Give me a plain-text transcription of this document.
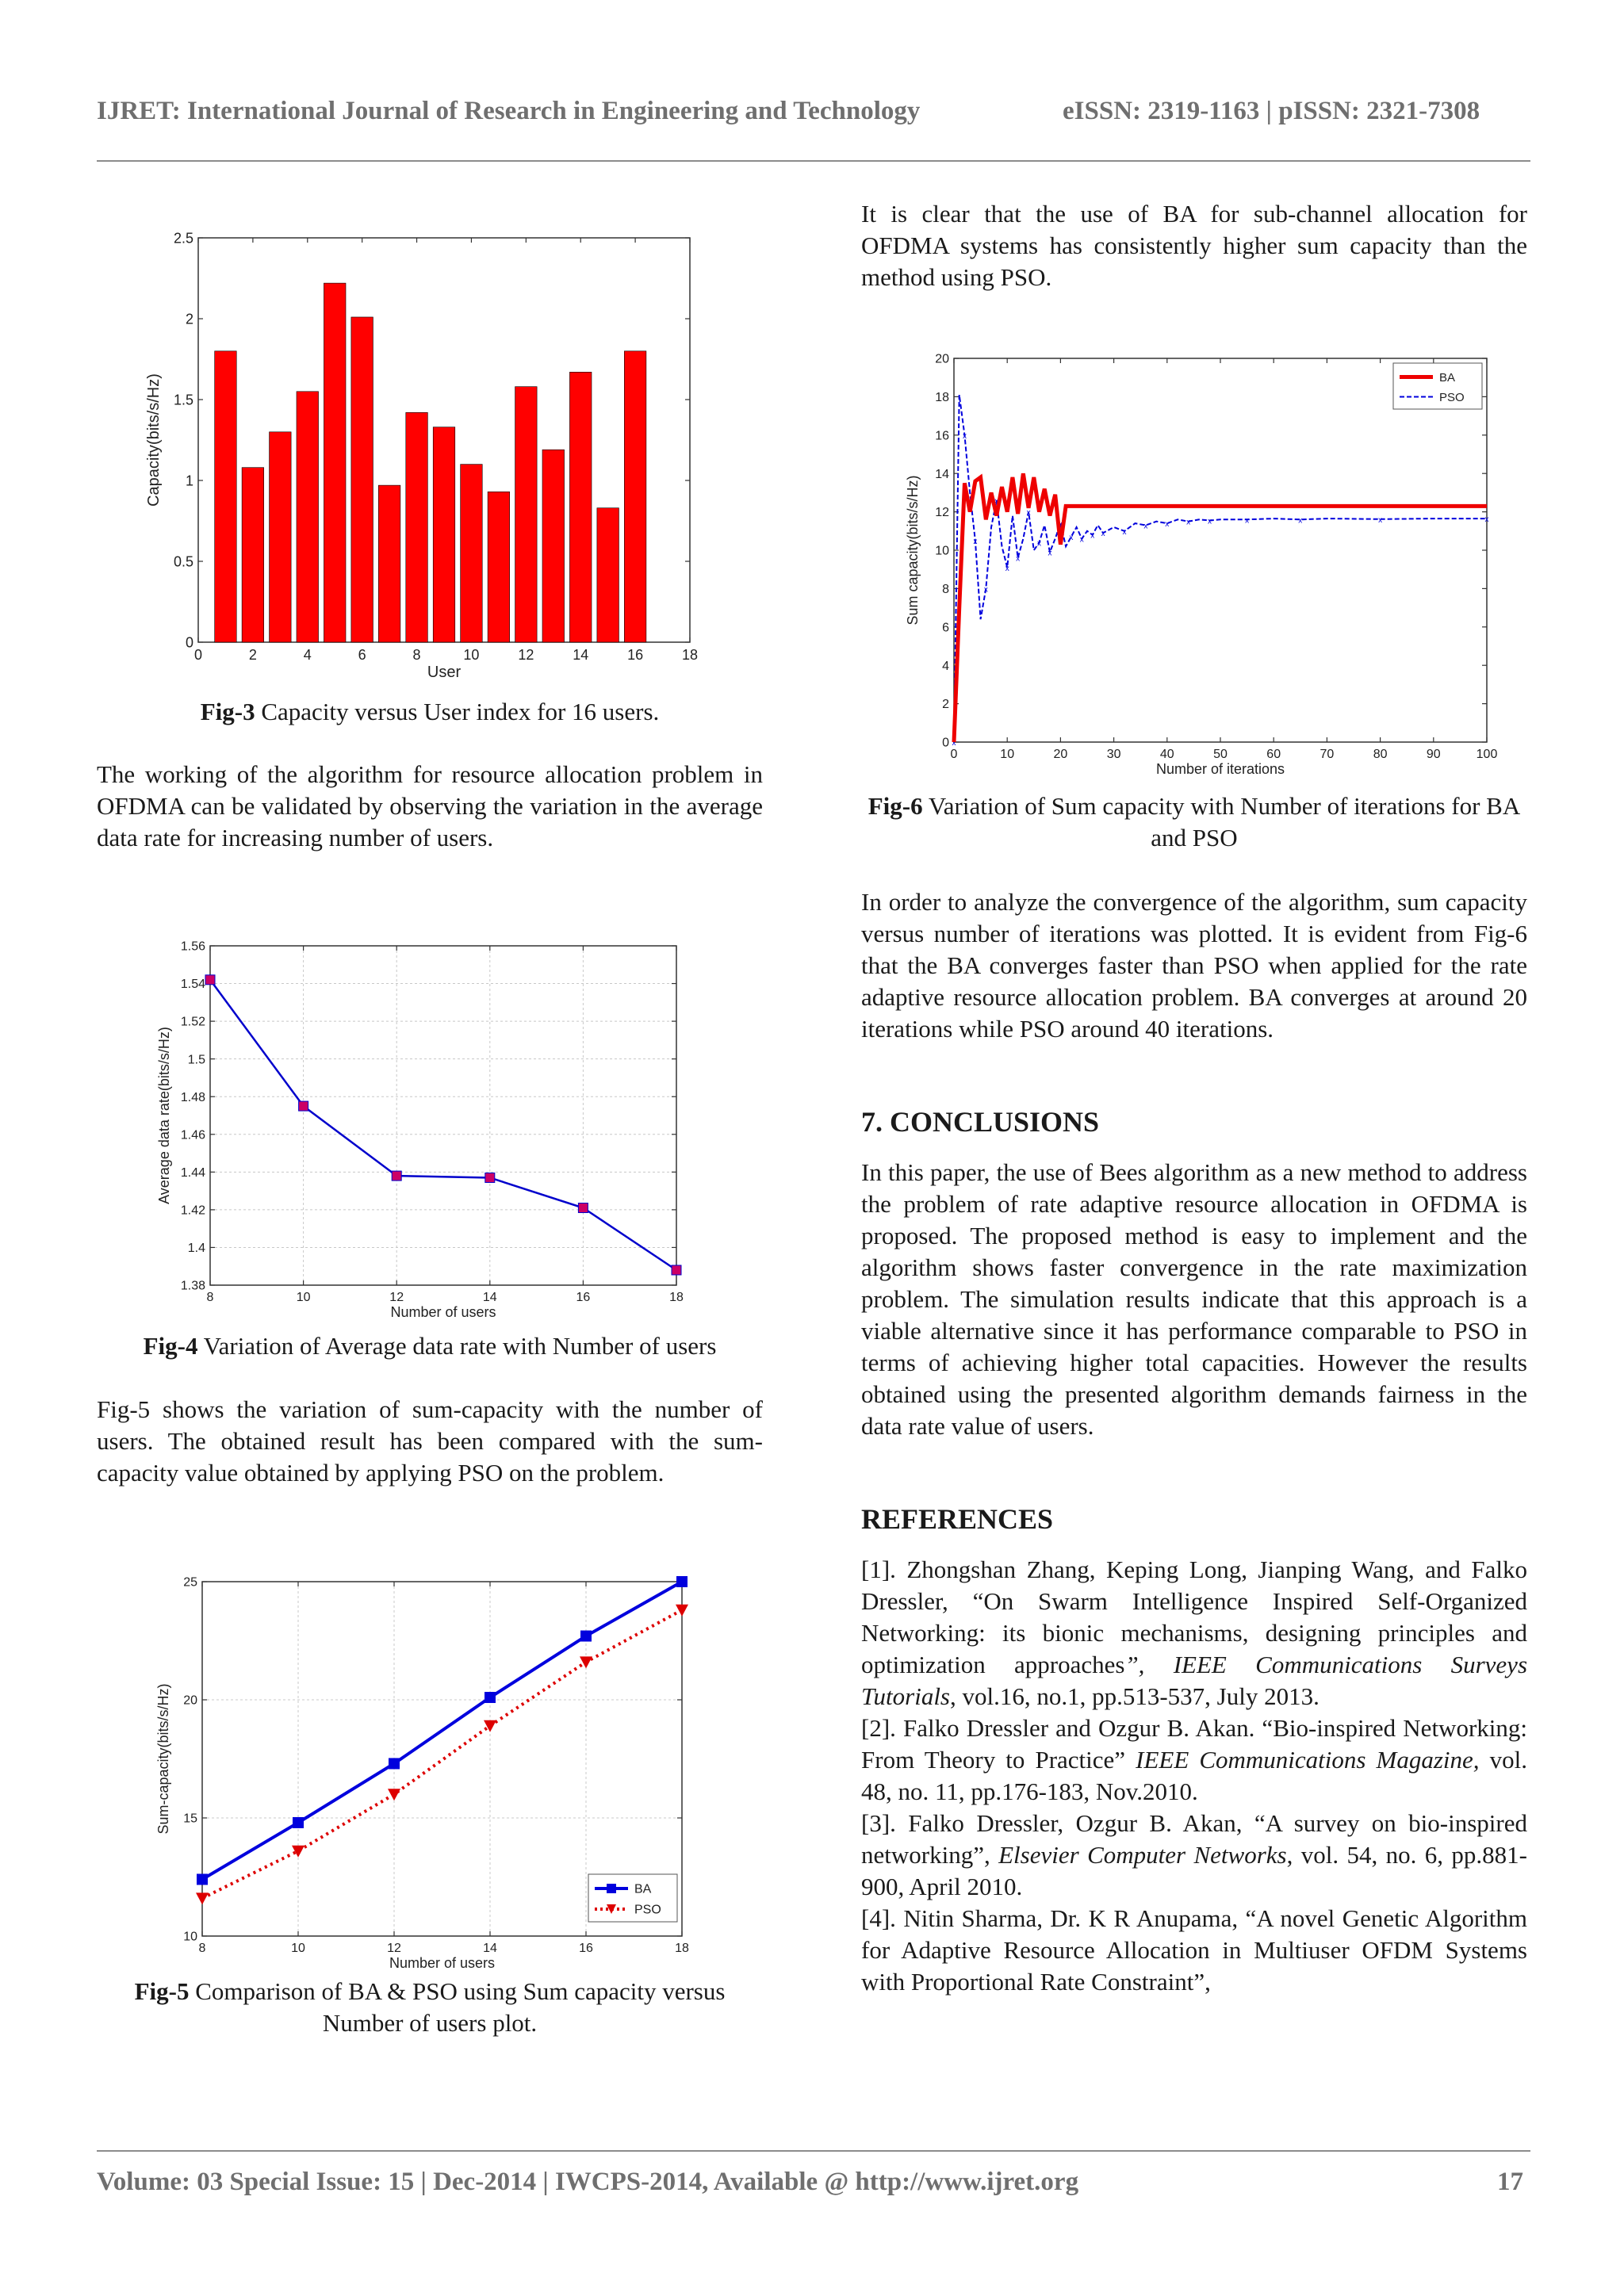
IJRET: International Journal of Research in Engineering and Technology	eISSN: 2319-1163 | pISSN: 2321-7308
0	2	4	6	8	10	12	14	16	18
0
0.5
1
1.5
2
2.5
User
Capacity(bits/s/Hz)
Fig-3 Capacity versus User index for 16 users.
The working of the algorithm for resource allocation problem in OFDMA can be validated by observing the variation in the average data rate for increasing number of users.
8	10	12	14	16	18
1.38
1.4
1.42
1.44
1.46
1.48
1.5
1.52
1.54
1.56
Number of users
Average data rate(bits/s/Hz)
Fig-4 Variation of Average data rate with Number of users
Fig-5 shows the variation of sum-capacity with the number of users. The obtained result has been compared with the sum-capacity value obtained by applying PSO on the problem.
8	10	12	14	16	18
10
15
20
25
Number of users
Sum-capacity(bits/s/Hz)
BA
PSO
Fig-5 Comparison of BA & PSO using Sum capacity versus Number of users plot.
It is clear that the use of BA for sub-channel allocation for OFDMA systems has consistently higher sum capacity than the method using PSO.
0	10	20	30	40	50	60	70	80	90	100
0
2
4
6
8
10
12
14
16
18
20
Number of iterations
Sum capacity(bits/s/Hz)
x
x
x
x
x
x
x
x
x
x
x
x x x x x
x x x x	x	x	x	x
BA
PSO
Fig-6 Variation of Sum capacity with Number of iterations for BA and PSO
In order to analyze the convergence of the algorithm, sum capacity versus number of iterations was plotted. It is evident from Fig-6 that the BA converges faster than PSO when applied for the rate adaptive resource allocation problem. BA converges at around 20 iterations while PSO around 40 iterations.
7. CONCLUSIONS
In this paper, the use of Bees algorithm as a new method to address the problem of rate adaptive resource allocation in OFDMA is proposed. The proposed method is easy to implement and the algorithm shows faster convergence in the rate maximization problem. The simulation results indicate that this approach is a viable alternative since it has performance comparable to PSO in terms of achieving higher total capacities. However the results obtained using the presented algorithm demands fairness in the data rate value of users.
REFERENCES

[1]. Zhongshan Zhang, Keping Long, Jianping Wang, and Falko Dressler, “On Swarm Intelligence Inspired Self-Organized Networking: its bionic mechanisms, designing principles and optimization approaches”, IEEE Communications Surveys Tutorials, vol.16, no.1, pp.513-537, July 2013.

[2]. Falko Dressler and Ozgur B. Akan. “Bio-inspired Networking: From Theory to Practice” IEEE Communications Magazine, vol. 48, no. 11, pp.176-183, Nov.2010.

[3]. Falko Dressler, Ozgur B. Akan, “A survey on bio-inspired networking”, Elsevier Computer Networks, vol. 54, no. 6, pp.881-900, April 2010.

[4]. Nitin Sharma, Dr. K R Anupama, “A novel Genetic Algorithm for Adaptive Resource Allocation in Multiuser OFDM Systems with Proportional Rate Constraint”,

Volume: 03 Special Issue: 15 | Dec-2014 | IWCPS-2014, Available @ http://www.ijret.org	17
